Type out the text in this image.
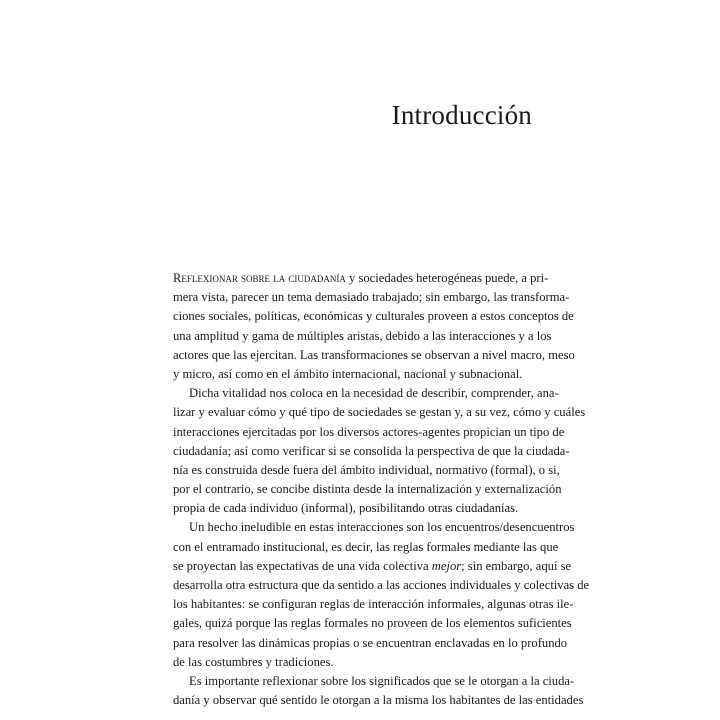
Introducción
Reflexionar sobre la ciudadanía y sociedades heterogéneas puede, a pri-
mera vista, parecer un tema demasiado trabajado; sin embargo, las transforma-
ciones sociales, políticas, económicas y culturales proveen a estos conceptos de
una amplitud y gama de múltiples aristas, debido a las interacciones y a los
actores que las ejercitan. Las transformaciones se observan a nivel macro, meso
y micro, así como en el ámbito internacional, nacional y subnacional.
Dicha vitalidad nos coloca en la necesidad de describir, comprender, ana-
lizar y evaluar cómo y qué tipo de sociedades se gestan y, a su vez, cómo y cuáles
interacciones ejercitadas por los diversos actores-agentes propician un tipo de
ciudadanía; así como verificar si se consolida la perspectiva de que la ciudada-
nía es construida desde fuera del ámbito individual, normativo (formal), o si,
por el contrario, se concibe distinta desde la internalización y externalización
propia de cada individuo (informal), posibilitando otras ciudadanías.
Un hecho ineludible en estas interacciones son los encuentros/desencuentros
con el entramado institucional, es decir, las reglas formales mediante las que
se proyectan las expectativas de una vida colectiva mejor; sin embargo, aquí se
desarrolla otra estructura que da sentido a las acciones individuales y colectivas de
los habitantes: se configuran reglas de interacción informales, algunas otras ile-
gales, quizá porque las reglas formales no proveen de los elementos suficientes
para resolver las dinámicas propias o se encuentran enclavadas en lo profundo
de las costumbres y tradiciones.
Es importante reflexionar sobre los significados que se le otorgan a la ciuda-
danía y observar qué sentido le otorgan a la misma los habitantes de las entidades
